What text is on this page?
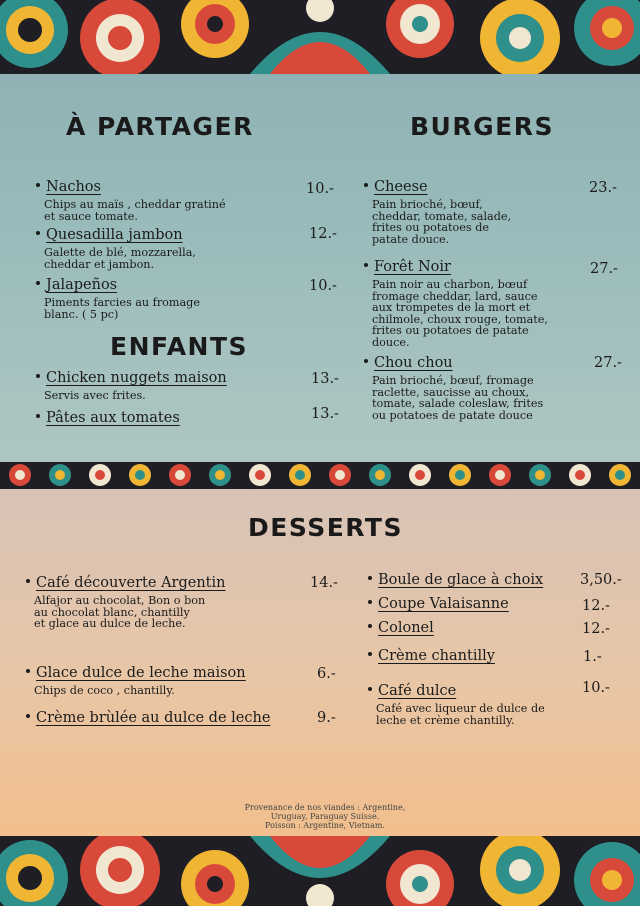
À PARTAGER
Nachos
Chips au maïs , cheddar gratiné
et sauce tomate.
10.-
Quesadilla jambon
Galette de blé, mozzarella,
cheddar et jambon.
12.-
Jalapeños
Piments farcies au fromage
blanc. ( 5 pc)
10.-
ENFANTS
Chicken nuggets maison
Servis avec frites.
13.-
Pâtes aux tomates	13.-
BURGERS
Cheese
Pain brioché, bœuf,
cheddar, tomate, salade,
frites ou potatoes de
patate douce.
23.-
Forêt Noir
Pain noir au charbon, bœuf
fromage cheddar, lard, sauce
aux trompetes de la mort et
chilmole, choux rouge, tomate,
frites ou potatoes de patate
douce.
27.-
Chou chou
Pain brioché, bœuf, fromage
raclette, saucisse au choux,
tomate, salade coleslaw, frites
ou potatoes de patate douce
27.-
DESSERTS
Café découverte Argentin
Alfajor au chocolat, Bon o bon
au chocolat blanc, chantilly
et glace au dulce de leche.
14.-
Glace dulce de leche maison
Chips de coco , chantilly.
6.-
Crème brùlée au dulce de leche	9.-
Boule de glace à choix	3,50.-
Coupe Valaisanne	12.-
Colonel	12.-
Crème chantilly	1.-
Café dulce
Café avec liqueur de dulce de
leche et crème chantilly.
10.-
Provenance de nos viandes : Argentine,
Uruguay, Paraguay Suisse.
Poisson : Argentine, Vietnam.
